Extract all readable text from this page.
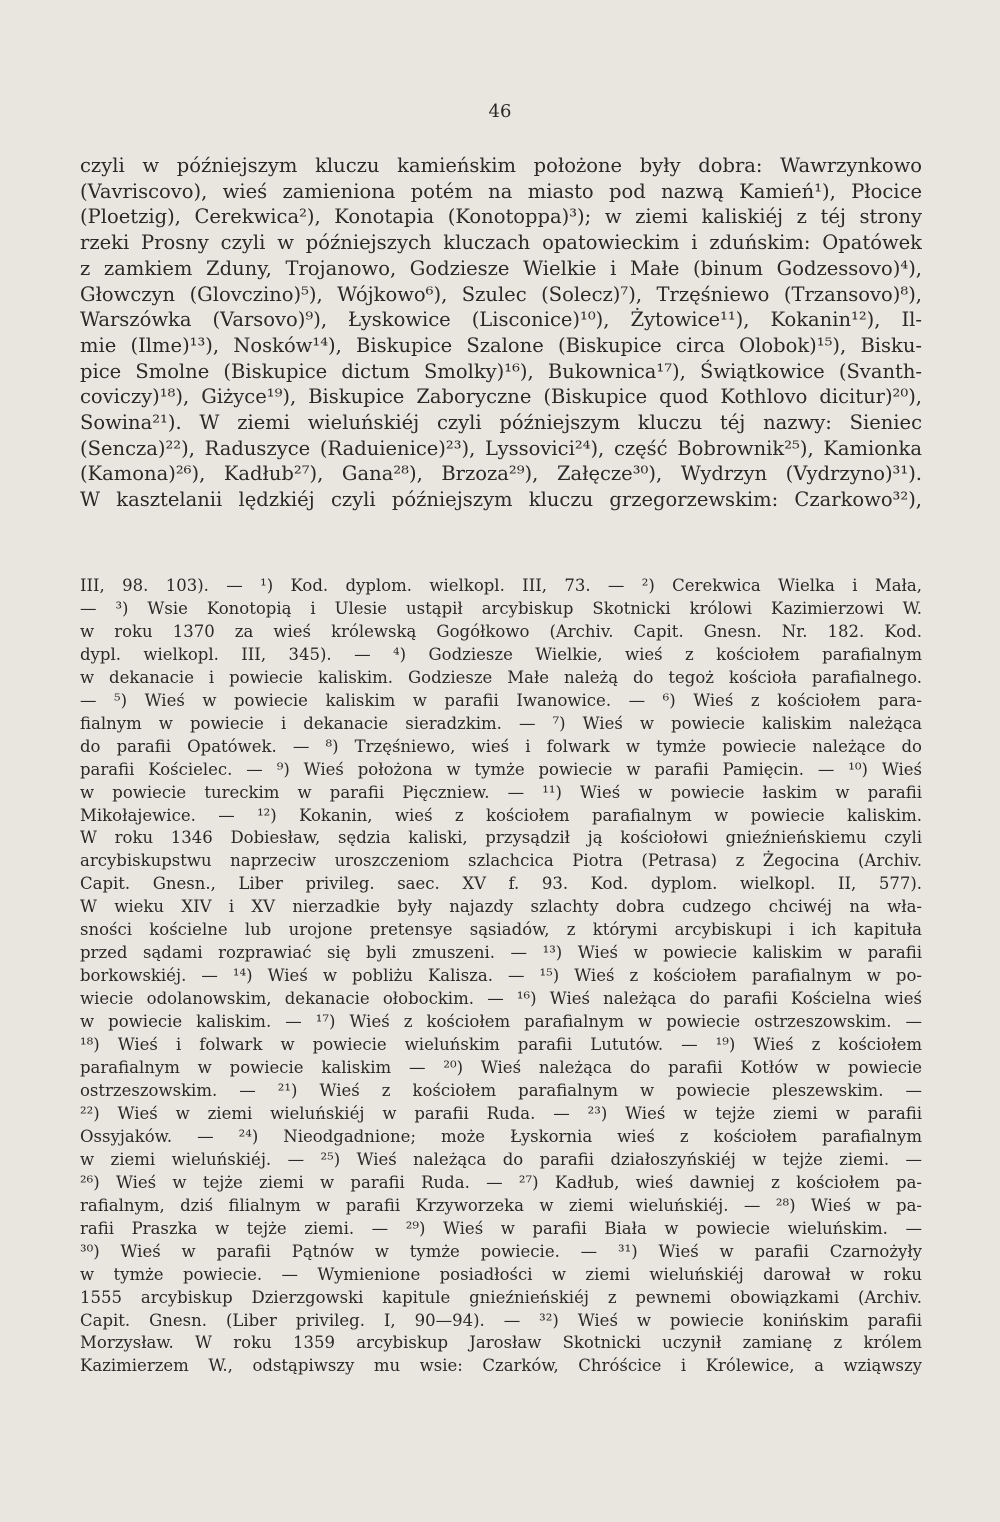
46

czyli w późniejszym kluczu kamieńskim położone były dobra: Wawrzynkowo
(Vavriscovo), wieś zamieniona potém na miasto pod nazwą Kamień¹), Płocice
(Ploetzig), Cerekwica²), Konotapia (Konotoppa)³); w ziemi kaliskiéj z téj strony
rzeki Prosny czyli w późniejszych kluczach opatowieckim i zduńskim: Opatówek
z zamkiem Zduny, Trojanowo, Godziesze Wielkie i Małe (binum Godzessovo)⁴),
Głowczyn (Glovczino)⁵), Wójkowo⁶), Szulec (Solecz)⁷), Trzęśniewo (Trzansovo)⁸),
Warszówka (Varsovo)⁹), Łyskowice (Lisconice)¹⁰), Żytowice¹¹), Kokanin¹²), Il-
mie (Ilme)¹³), Nosków¹⁴), Biskupice Szalone (Biskupice circa Olobok)¹⁵), Bisku-
pice Smolne (Biskupice dictum Smolky)¹⁶), Bukownica¹⁷), Świątkowice (Svanth-
coviczy)¹⁸), Giżyce¹⁹), Biskupice Zaboryczne (Biskupice quod Kothlovo dicitur)²⁰),
Sowina²¹). W ziemi wieluńskiéj czyli późniejszym kluczu téj nazwy: Sieniec
(Sencza)²²), Raduszyce (Raduienice)²³), Lyssovici²⁴), część Bobrownik²⁵), Kamionka
(Kamona)²⁶), Kadłub²⁷), Gana²⁸), Brzoza²⁹), Załęcze³⁰), Wydrzyn (Vydrzyno)³¹).
W kasztelanii lędzkiéj czyli późniejszym kluczu grzegorzewskim: Czarkowo³²),

III, 98. 103). — ¹) Kod. dyplom. wielkopl. III, 73. — ²) Cerekwica Wielka i Mała,
— ³) Wsie Konotopią i Ulesie ustąpił arcybiskup Skotnicki królowi Kazimierzowi W.
w roku 1370 za wieś królewską Gogółkowo (Archiv. Capit. Gnesn. Nr. 182. Kod.
dypl. wielkopl. III, 345). — ⁴) Godziesze Wielkie, wieś z kościołem parafialnym
w dekanacie i powiecie kaliskim. Godziesze Małe należą do tegoż kościoła parafialnego.
— ⁵) Wieś w powiecie kaliskim w parafii Iwanowice. — ⁶) Wieś z kościołem para-
fialnym w powiecie i dekanacie sieradzkim. — ⁷) Wieś w powiecie kaliskim należąca
do parafii Opatówek. — ⁸) Trzęśniewo, wieś i folwark w tymże powiecie należące do
parafii Kościelec. — ⁹) Wieś położona w tymże powiecie w parafii Pamięcin. — ¹⁰) Wieś
w powiecie tureckim w parafii Pięczniew. — ¹¹) Wieś w powiecie łaskim w parafii
Mikołajewice. — ¹²) Kokanin, wieś z kościołem parafialnym w powiecie kaliskim.
W roku 1346 Dobiesław, sędzia kaliski, przysądził ją kościołowi gnieźnieńskiemu czyli
arcybiskupstwu naprzeciw uroszczeniom szlachcica Piotra (Petrasa) z Żegocina (Archiv.
Capit. Gnesn., Liber privileg. saec. XV f. 93. Kod. dyplom. wielkopl. II, 577).
W wieku XIV i XV nierzadkie były najazdy szlachty dobra cudzego chciwéj na wła-
sności kościelne lub urojone pretensye sąsiadów, z którymi arcybiskupi i ich kapituła
przed sądami rozprawiać się byli zmuszeni. — ¹³) Wieś w powiecie kaliskim w parafii
borkowskiéj. — ¹⁴) Wieś w pobliżu Kalisza. — ¹⁵) Wieś z kościołem parafialnym w po-
wiecie odolanowskim, dekanacie ołobockim. — ¹⁶) Wieś należąca do parafii Kościelna wieś
w powiecie kaliskim. — ¹⁷) Wieś z kościołem parafialnym w powiecie ostrzeszowskim. —
¹⁸) Wieś i folwark w powiecie wieluńskim parafii Lututów. — ¹⁹) Wieś z kościołem
parafialnym w powiecie kaliskim — ²⁰) Wieś należąca do parafii Kotłów w powiecie
ostrzeszowskim. — ²¹) Wieś z kościołem parafialnym w powiecie pleszewskim. —
²²) Wieś w ziemi wieluńskiéj w parafii Ruda. — ²³) Wieś w tejże ziemi w parafii
Ossyjaków. — ²⁴) Nieodgadnione; może Łyskornia wieś z kościołem parafialnym
w ziemi wieluńskiéj. — ²⁵) Wieś należąca do parafii działoszyńskiéj w tejże ziemi. —
²⁶) Wieś w tejże ziemi w parafii Ruda. — ²⁷) Kadłub, wieś dawniej z kościołem pa-
rafialnym, dziś filialnym w parafii Krzyworzeka w ziemi wieluńskiéj. — ²⁸) Wieś w pa-
rafii Praszka w tejże ziemi. — ²⁹) Wieś w parafii Biała w powiecie wieluńskim. —
³⁰) Wieś w parafii Pątnów w tymże powiecie. — ³¹) Wieś w parafii Czarnożyły
w tymże powiecie. — Wymienione posiadłości w ziemi wieluńskiéj darował w roku
1555 arcybiskup Dzierzgowski kapitule gnieźnieńskiéj z pewnemi obowiązkami (Archiv.
Capit. Gnesn. (Liber privileg. I, 90—94). — ³²) Wieś w powiecie konińskim parafii
Morzysław. W roku 1359 arcybiskup Jarosław Skotnicki uczynił zamianę z królem
Kazimierzem W., odstąpiwszy mu wsie: Czarków, Chróścice i Królewice, a wziąwszy
